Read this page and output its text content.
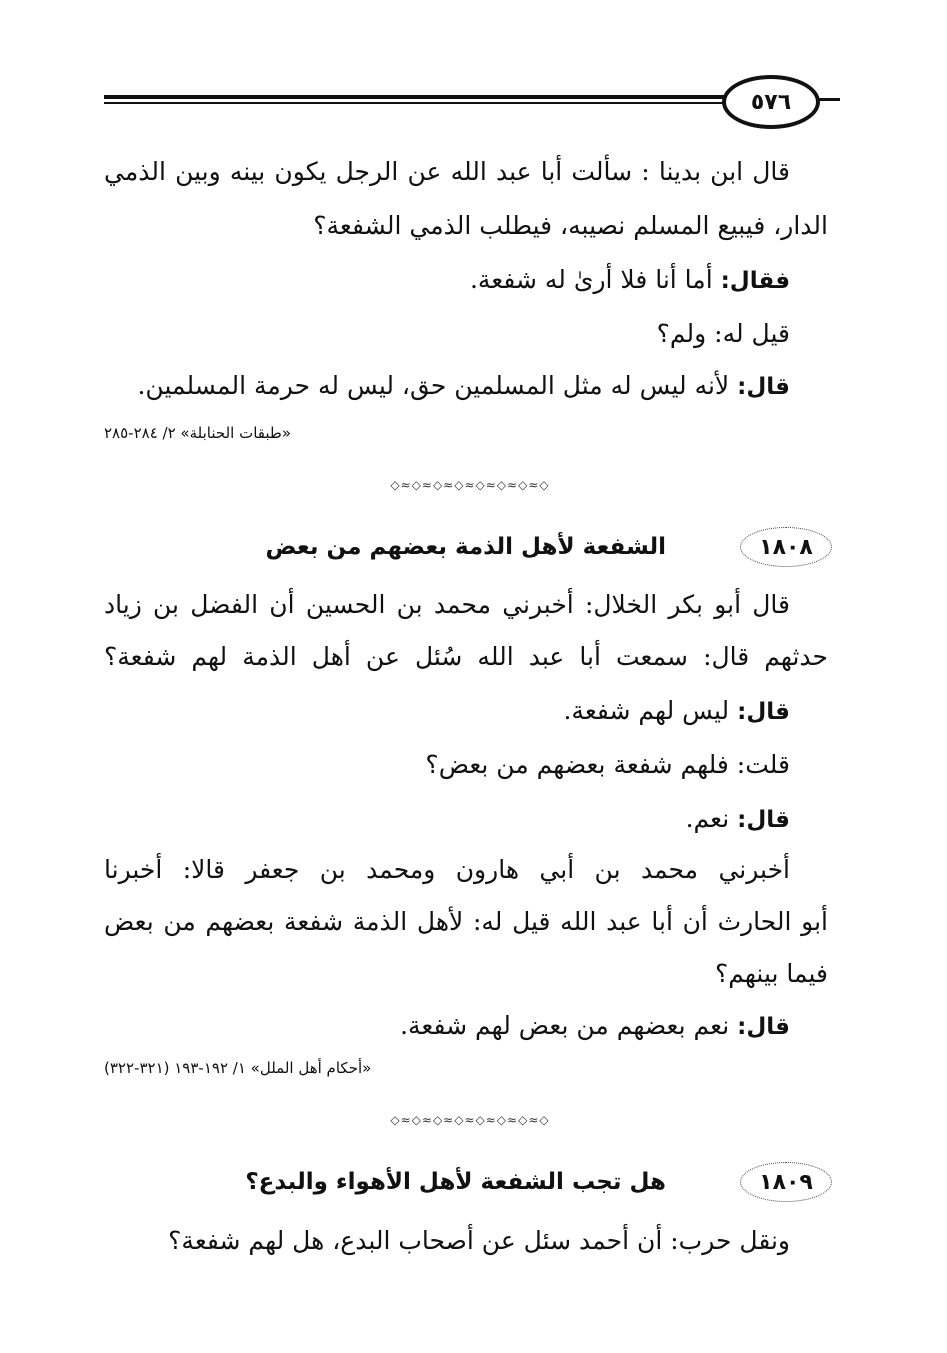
٥٧٦
قال ابن بدينا : سألت أبا عبد الله عن الرجل يكون بينه وبين الذمي
الدار، فيبيع المسلم نصيبه، فيطلب الذمي الشفعة؟
فقال: أما أنا فلا أرىٰ له شفعة.
قيل له: ولم؟
قال: لأنه ليس له مثل المسلمين حق، ليس له حرمة المسلمين.
«طبقات الحنابلة» ٢/ ٢٨٤-٢٨٥
◇≈◇≈◇≈◇≈◇≈◇≈◇≈◇
١٨٠٨
الشفعة لأهل الذمة بعضهم من بعض
قال أبو بكر الخلال: أخبرني محمد بن الحسين أن الفضل بن زياد
حدثهم قال: سمعت أبا عبد الله سُئل عن أهل الذمة لهم شفعة؟
قال: ليس لهم شفعة.
قلت: فلهم شفعة بعضهم من بعض؟
قال: نعم.
أخبرني محمد بن أبي هارون ومحمد بن جعفر قالا: أخبرنا
أبو الحارث أن أبا عبد الله قيل له: لأهل الذمة شفعة بعضهم من بعض
فيما بينهم؟
قال: نعم بعضهم من بعض لهم شفعة.
«أحكام أهل الملل» ١/ ١٩٢-١٩٣ (٣٢١-٣٢٢)
◇≈◇≈◇≈◇≈◇≈◇≈◇≈◇
١٨٠٩
هل تجب الشفعة لأهل الأهواء والبدع؟
ونقل حرب: أن أحمد سئل عن أصحاب البدع، هل لهم شفعة؟
